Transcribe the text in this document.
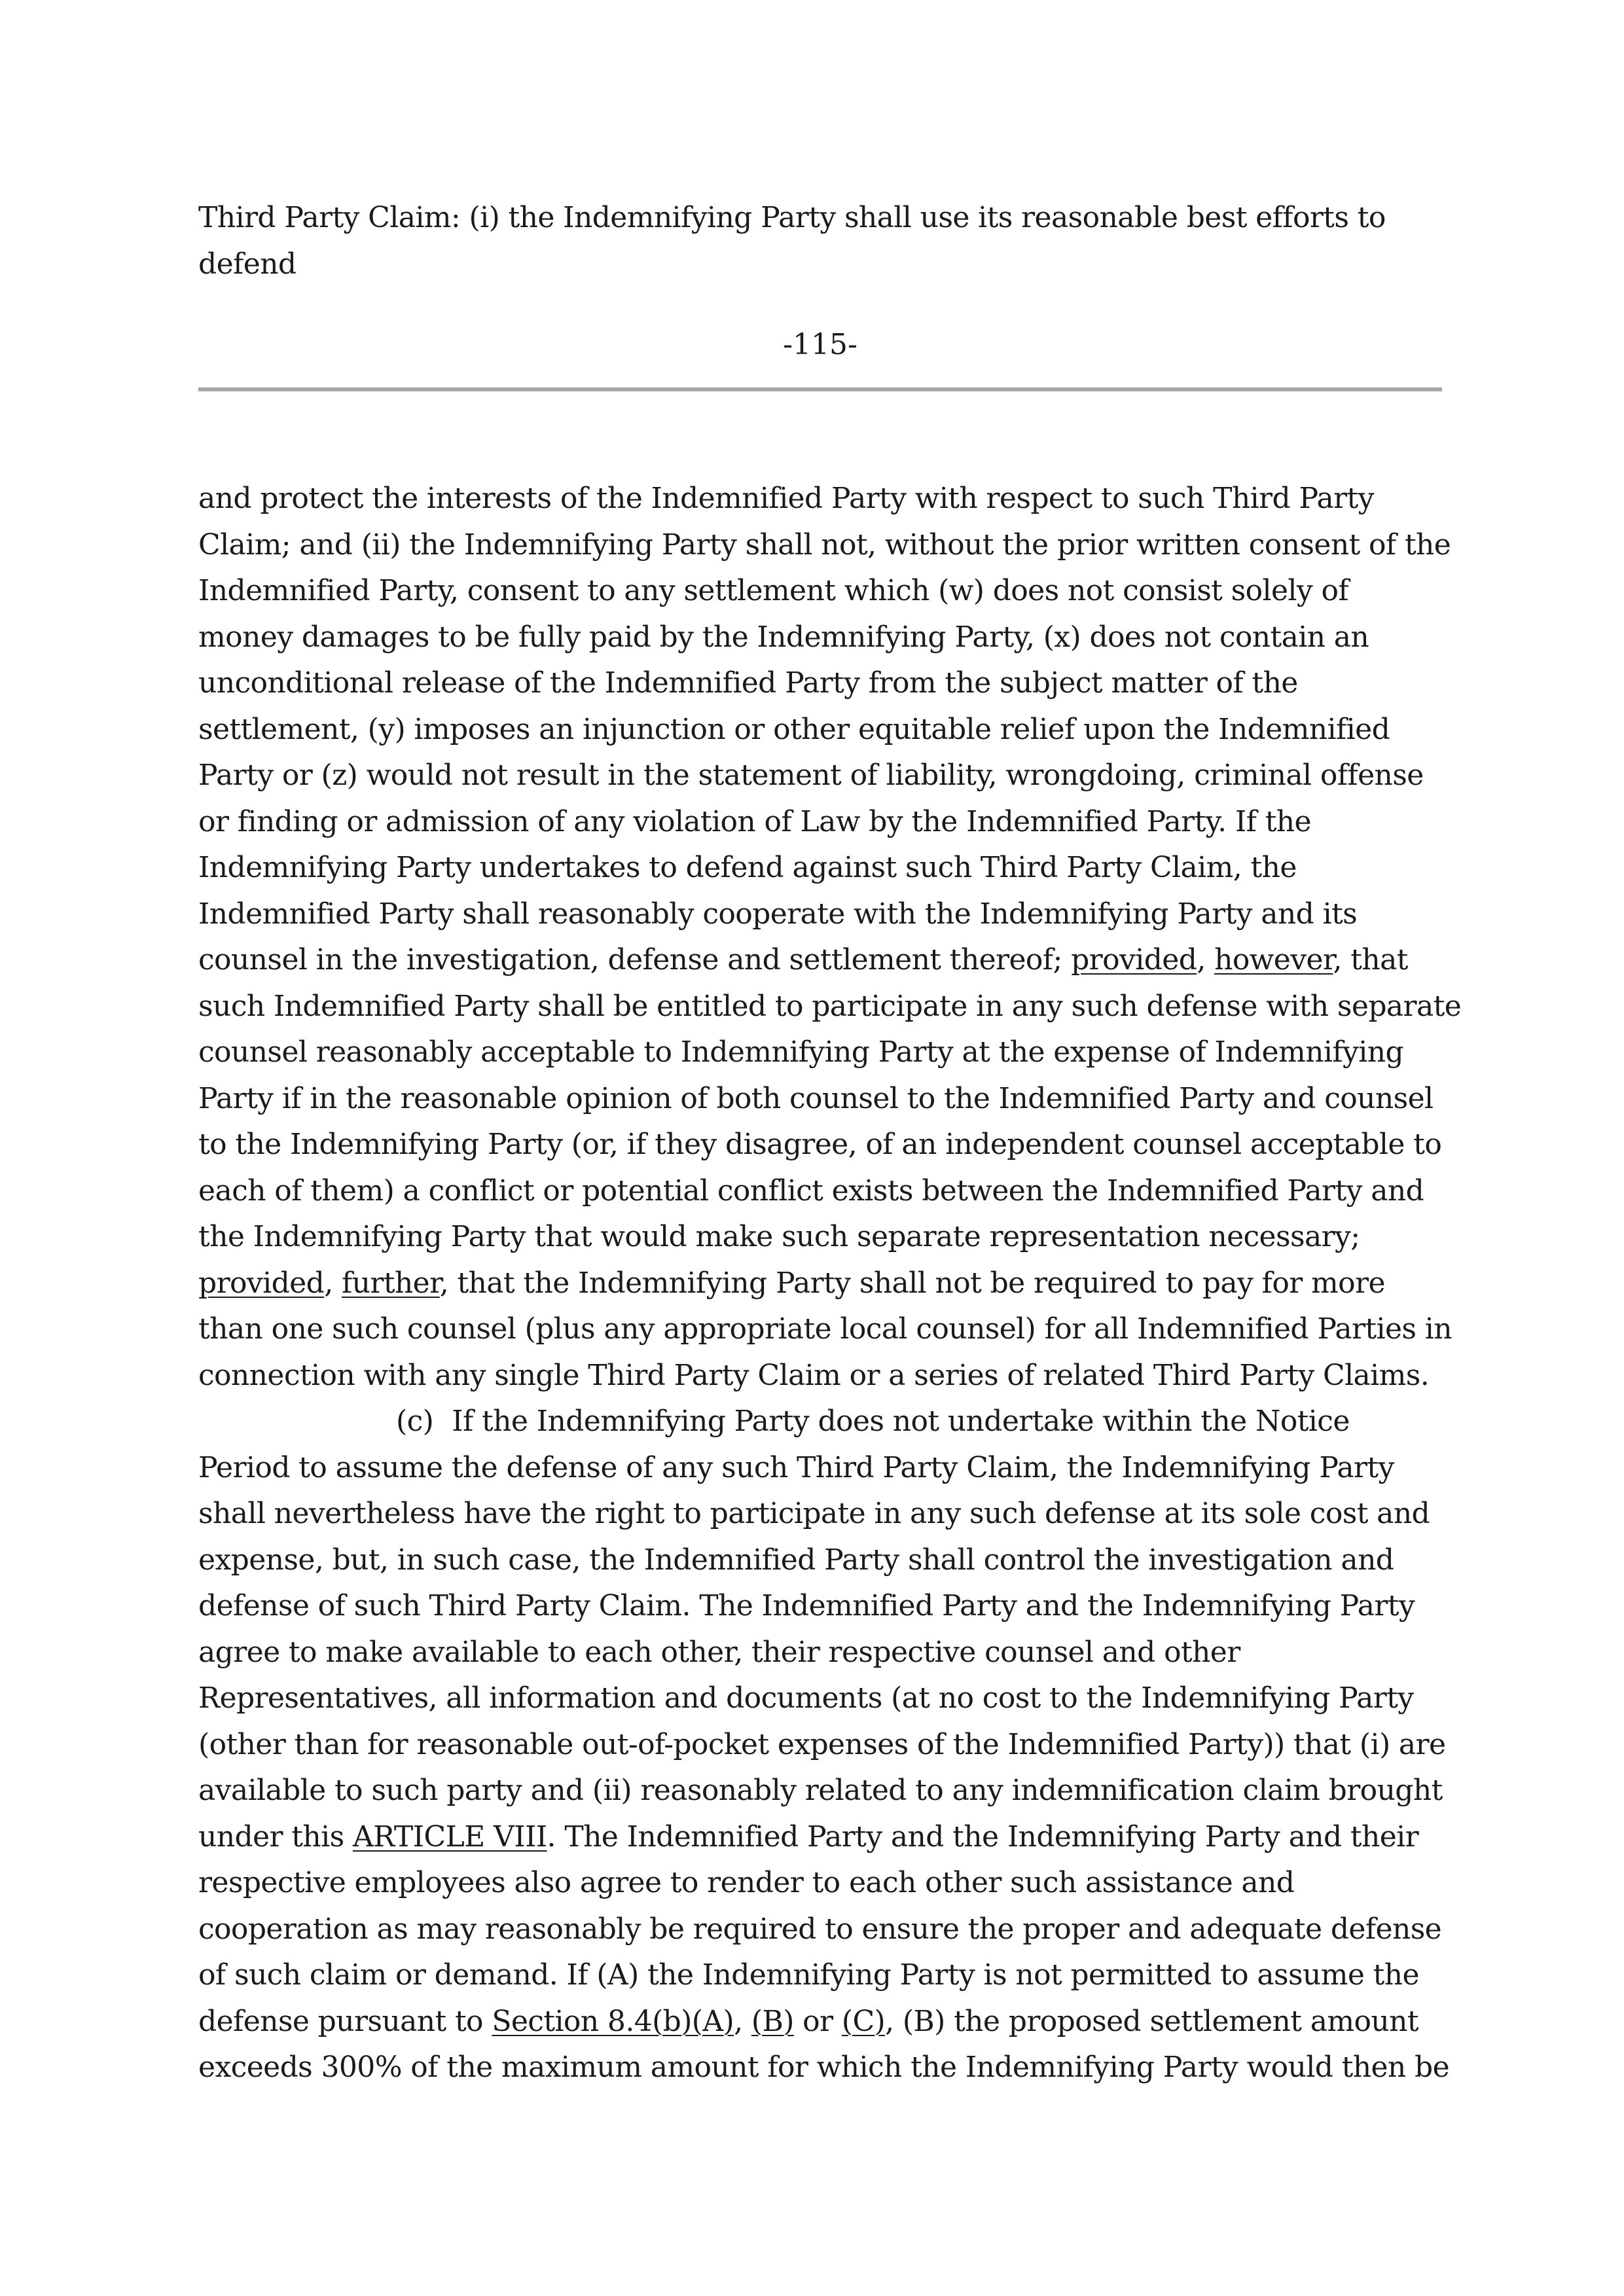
Third Party Claim: (i) the Indemnifying Party shall use its reasonable best efforts to
defend
-115-
and protect the interests of the Indemnified Party with respect to such Third Party
Claim; and (ii) the Indemnifying Party shall not, without the prior written consent of the
Indemnified Party, consent to any settlement which (w) does not consist solely of
money damages to be fully paid by the Indemnifying Party, (x) does not contain an
unconditional release of the Indemnified Party from the subject matter of the
settlement, (y) imposes an injunction or other equitable relief upon the Indemnified
Party or (z) would not result in the statement of liability, wrongdoing, criminal offense
or finding or admission of any violation of Law by the Indemnified Party. If the
Indemnifying Party undertakes to defend against such Third Party Claim, the
Indemnified Party shall reasonably cooperate with the Indemnifying Party and its
counsel in the investigation, defense and settlement thereof; provided, however, that
such Indemnified Party shall be entitled to participate in any such defense with separate
counsel reasonably acceptable to Indemnifying Party at the expense of Indemnifying
Party if in the reasonable opinion of both counsel to the Indemnified Party and counsel
to the Indemnifying Party (or, if they disagree, of an independent counsel acceptable to
each of them) a conflict or potential conflict exists between the Indemnified Party and
the Indemnifying Party that would make such separate representation necessary;
provided, further, that the Indemnifying Party shall not be required to pay for more
than one such counsel (plus any appropriate local counsel) for all Indemnified Parties in
connection with any single Third Party Claim or a series of related Third Party Claims.
(c) If the Indemnifying Party does not undertake within the Notice
Period to assume the defense of any such Third Party Claim, the Indemnifying Party
shall nevertheless have the right to participate in any such defense at its sole cost and
expense, but, in such case, the Indemnified Party shall control the investigation and
defense of such Third Party Claim. The Indemnified Party and the Indemnifying Party
agree to make available to each other, their respective counsel and other
Representatives, all information and documents (at no cost to the Indemnifying Party
(other than for reasonable out-of-pocket expenses of the Indemnified Party)) that (i) are
available to such party and (ii) reasonably related to any indemnification claim brought
under this ARTICLE VIII. The Indemnified Party and the Indemnifying Party and their
respective employees also agree to render to each other such assistance and
cooperation as may reasonably be required to ensure the proper and adequate defense
of such claim or demand. If (A) the Indemnifying Party is not permitted to assume the
defense pursuant to Section 8.4(b)(A), (B) or (C), (B) the proposed settlement amount
exceeds 300% of the maximum amount for which the Indemnifying Party would then be
